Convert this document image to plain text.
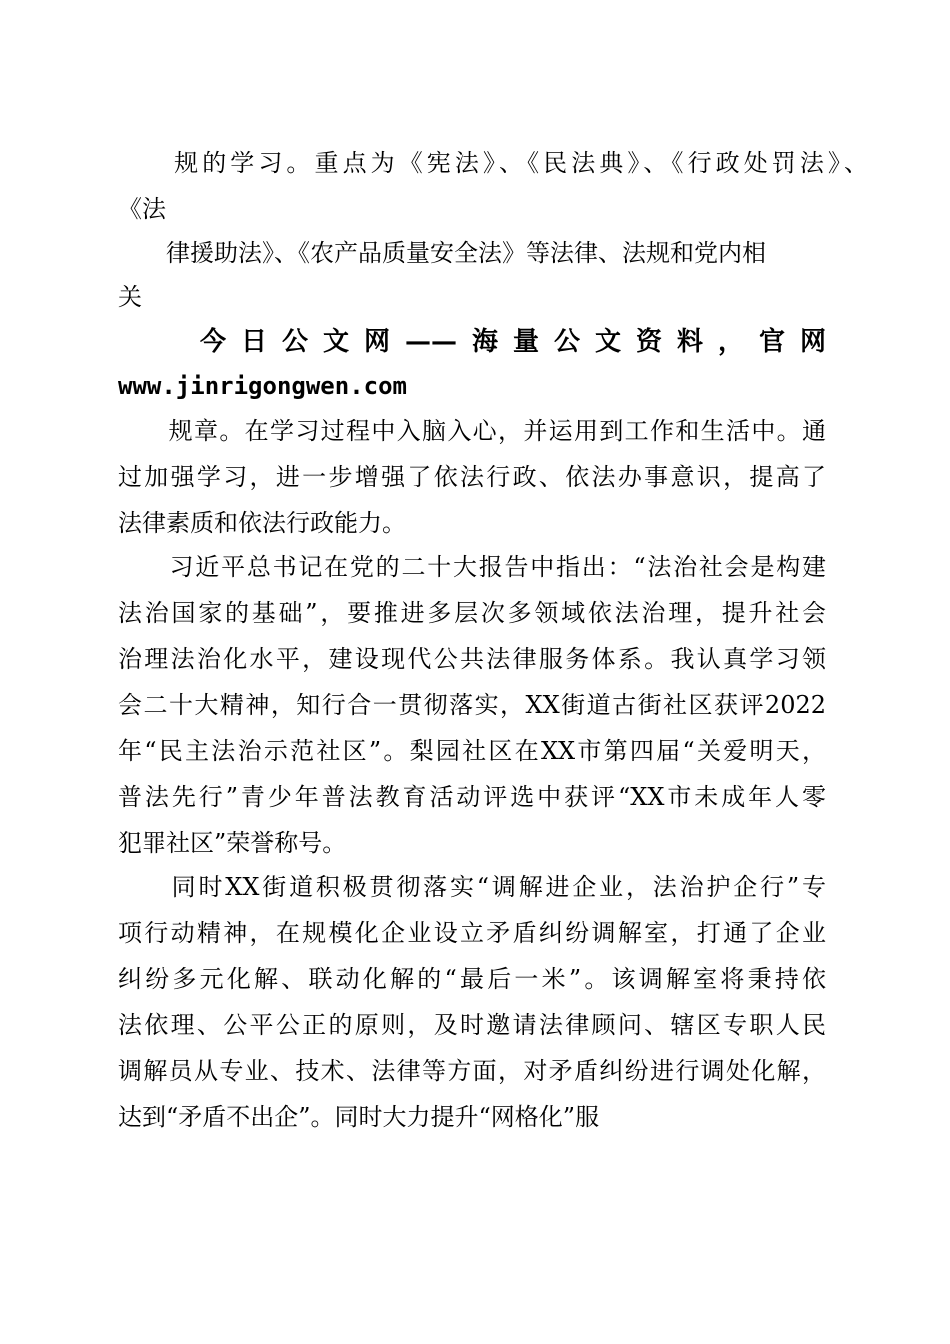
　　规的学习。重点为《宪法》、《民法典》、《行政处罚法》、
《法
　　律援助法》、《农产品质量安全法》等法律、法规和党内相
关
　　今日公文网——海量公文资料，官网
www.jinrigongwen.com
　　规章。在学习过程中入脑入心，并运用到工作和生活中。通
过加强学习，进一步增强了依法行政、依法办事意识，提高了
法律素质和依法行政能力。
　　习近平总书记在党的二十大报告中指出：“法治社会是构建
法治国家的基础”，要推进多层次多领域依法治理，提升社会
治理法治化水平，建设现代公共法律服务体系。我认真学习领
会二十大精神，知行合一贯彻落实，XX街道古街社区获评2022
年“民主法治示范社区”。梨园社区在XX市第四届“关爱明天，
普法先行”青少年普法教育活动评选中获评“XX市未成年人零
犯罪社区”荣誉称号。
　　同时XX街道积极贯彻落实“调解进企业，法治护企行”专
项行动精神，在规模化企业设立矛盾纠纷调解室，打通了企业
纠纷多元化解、联动化解的“最后一米”。该调解室将秉持依
法依理、公平公正的原则，及时邀请法律顾问、辖区专职人民
调解员从专业、技术、法律等方面，对矛盾纠纷进行调处化解，
达到“矛盾不出企”。同时大力提升“网格化”服
